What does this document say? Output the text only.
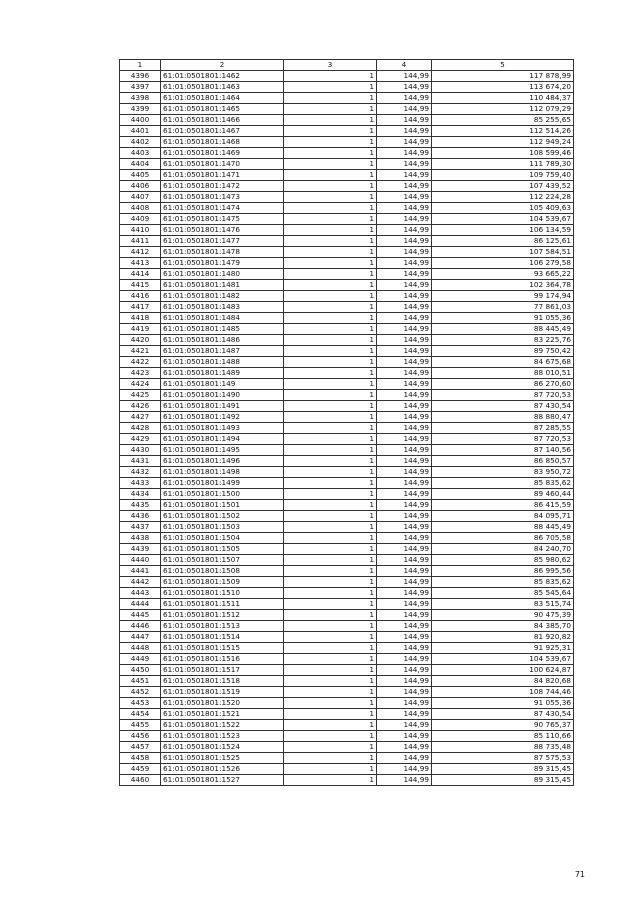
1	2	3	4	5
4396	61:01:0501801:1462	1	144,99	117 878,99
4397	61:01:0501801:1463	1	144,99	113 674,20
4398	61:01:0501801:1464	1	144,99	110 484,37
4399	61:01:0501801:1465	1	144,99	112 079,29
4400	61:01:0501801:1466	1	144,99	85 255,65
4401	61:01:0501801:1467	1	144,99	112 514,26
4402	61:01:0501801:1468	1	144,99	112 949,24
4403	61:01:0501801:1469	1	144,99	108 599,46
4404	61:01:0501801:1470	1	144,99	111 789,30
4405	61:01:0501801:1471	1	144,99	109 759,40
4406	61:01:0501801:1472	1	144,99	107 439,52
4407	61:01:0501801:1473	1	144,99	112 224,28
4408	61:01:0501801:1474	1	144,99	105 409,63
4409	61:01:0501801:1475	1	144,99	104 539,67
4410	61:01:0501801:1476	1	144,99	106 134,59
4411	61:01:0501801:1477	1	144,99	86 125,61
4412	61:01:0501801:1478	1	144,99	107 584,51
4413	61:01:0501801:1479	1	144,99	106 279,58
4414	61:01:0501801:1480	1	144,99	93 665,22
4415	61:01:0501801:1481	1	144,99	102 364,78
4416	61:01:0501801:1482	1	144,99	99 174,94
4417	61:01:0501801:1483	1	144,99	77 861,03
4418	61:01:0501801:1484	1	144,99	91 055,36
4419	61:01:0501801:1485	1	144,99	88 445,49
4420	61:01:0501801:1486	1	144,99	83 225,76
4421	61:01:0501801:1487	1	144,99	89 750,42
4422	61:01:0501801:1488	1	144,99	84 675,68
4423	61:01:0501801:1489	1	144,99	88 010,51
4424	61:01:0501801:149	1	144,99	86 270,60
4425	61:01:0501801:1490	1	144,99	87 720,53
4426	61:01:0501801:1491	1	144,99	87 430,54
4427	61:01:0501801:1492	1	144,99	88 880,47
4428	61:01:0501801:1493	1	144,99	87 285,55
4429	61:01:0501801:1494	1	144,99	87 720,53
4430	61:01:0501801:1495	1	144,99	87 140,56
4431	61:01:0501801:1496	1	144,99	86 850,57
4432	61:01:0501801:1498	1	144,99	83 950,72
4433	61:01:0501801:1499	1	144,99	85 835,62
4434	61:01:0501801:1500	1	144,99	89 460,44
4435	61:01:0501801:1501	1	144,99	86 415,59
4436	61:01:0501801:1502	1	144,99	84 095,71
4437	61:01:0501801:1503	1	144,99	88 445,49
4438	61:01:0501801:1504	1	144,99	86 705,58
4439	61:01:0501801:1505	1	144,99	84 240,70
4440	61:01:0501801:1507	1	144,99	85 980,62
4441	61:01:0501801:1508	1	144,99	86 995,56
4442	61:01:0501801:1509	1	144,99	85 835,62
4443	61:01:0501801:1510	1	144,99	85 545,64
4444	61:01:0501801:1511	1	144,99	83 515,74
4445	61:01:0501801:1512	1	144,99	90 475,39
4446	61:01:0501801:1513	1	144,99	84 385,70
4447	61:01:0501801:1514	1	144,99	81 920,82
4448	61:01:0501801:1515	1	144,99	91 925,31
4449	61:01:0501801:1516	1	144,99	104 539,67
4450	61:01:0501801:1517	1	144,99	100 624,87
4451	61:01:0501801:1518	1	144,99	84 820,68
4452	61:01:0501801:1519	1	144,99	108 744,46
4453	61:01:0501801:1520	1	144,99	91 055,36
4454	61:01:0501801:1521	1	144,99	87 430,54
4455	61:01:0501801:1522	1	144,99	90 765,37
4456	61:01:0501801:1523	1	144,99	85 110,66
4457	61:01:0501801:1524	1	144,99	88 735,48
4458	61:01:0501801:1525	1	144,99	87 575,53
4459	61:01:0501801:1526	1	144,99	89 315,45
4460	61:01:0501801:1527	1	144,99	89 315,45
71
